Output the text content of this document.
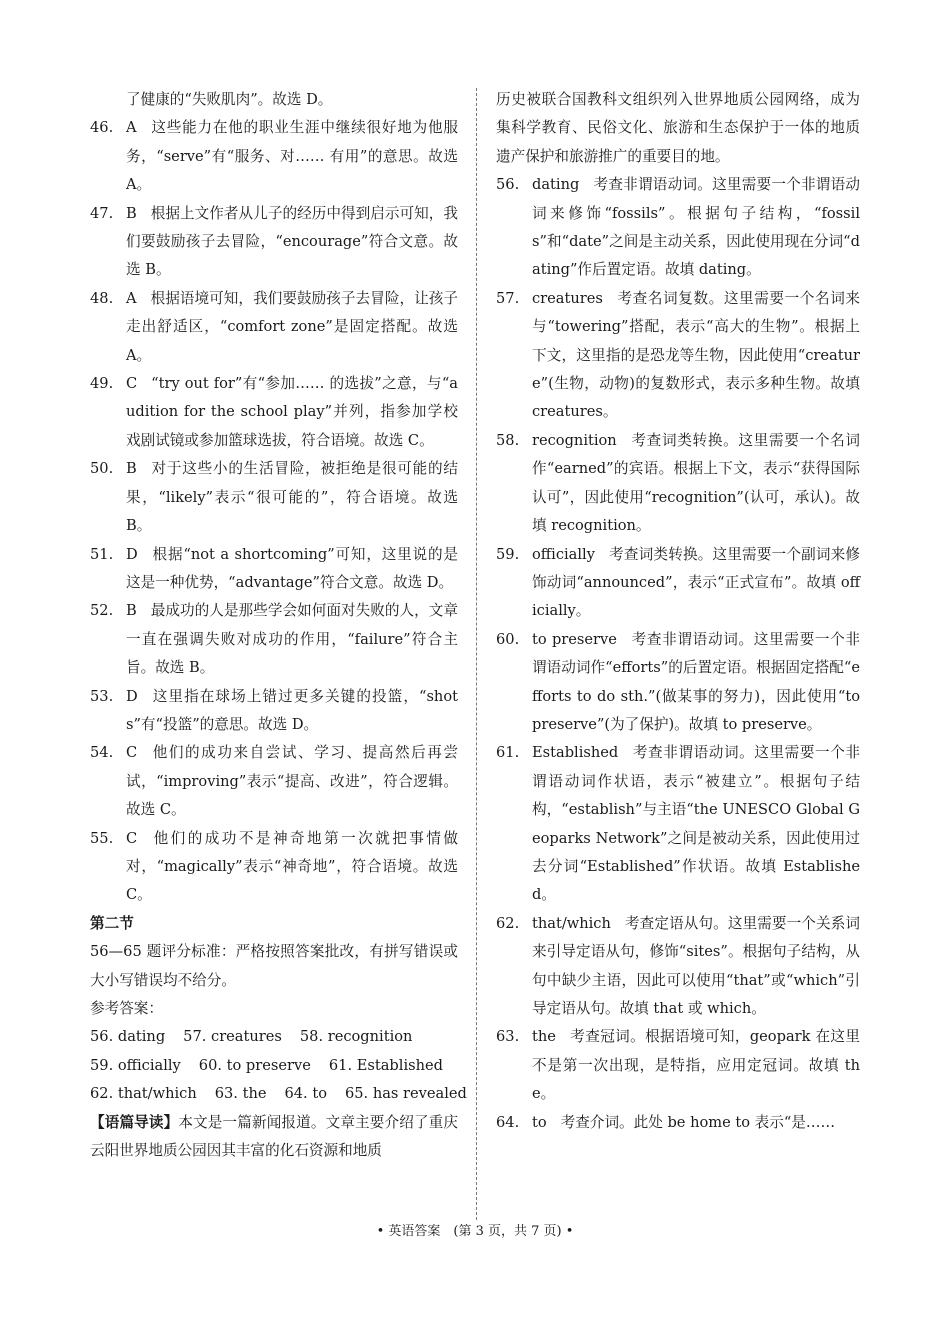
了健康的“失败肌肉”。故选 D。

46. A 这些能力在他的职业生涯中继续很好地为他服务，“serve”有“服务、对…… 有用”的意思。故选 A。
47. B 根据上文作者从儿子的经历中得到启示可知，我们要鼓励孩子去冒险，“encourage”符合文意。故选 B。
48. A 根据语境可知，我们要鼓励孩子去冒险，让孩子走出舒适区，“comfort zone”是固定搭配。故选 A。
49. C “try out for”有“参加…… 的选拔”之意，与“audition for the school play”并列，指参加学校戏剧试镜或参加篮球选拔，符合语境。故选 C。
50. B 对于这些小的生活冒险，被拒绝是很可能的结果，“likely”表示“很可能的”，符合语境。故选 B。
51. D 根据“not a shortcoming”可知，这里说的是这是一种优势，“advantage”符合文意。故选 D。
52. B 最成功的人是那些学会如何面对失败的人，文章一直在强调失败对成功的作用，“failure”符合主旨。故选 B。
53. D 这里指在球场上错过更多关键的投篮，“shots”有“投篮”的意思。故选 D。
54. C 他们的成功来自尝试、学习、提高然后再尝试，“improving”表示“提高、改进”，符合逻辑。故选 C。
55. C 他们的成功不是神奇地第一次就把事情做对，“magically”表示“神奇地”，符合语境。故选 C。

第二节

56—65 题评分标准：严格按照答案批改，有拼写错误或大小写错误均不给分。

参考答案：

56. dating 57. creatures 58. recognition
59. officially 60. to preserve 61. Established
62. that/which 63. the 64. to 65. has revealed

【语篇导读】本文是一篇新闻报道。文章主要介绍了重庆云阳世界地质公园因其丰富的化石资源和地质

历史被联合国教科文组织列入世界地质公园网络，成为集科学教育、民俗文化、旅游和生态保护于一体的地质遗产保护和旅游推广的重要目的地。

56. dating 考查非谓语动词。这里需要一个非谓语动词来修饰“fossils”。根据句子结构，“fossils”和“date”之间是主动关系，因此使用现在分词“dating”作后置定语。故填 dating。
57. creatures 考查名词复数。这里需要一个名词来与“towering”搭配，表示“高大的生物”。根据上下文，这里指的是恐龙等生物，因此使用“creature”(生物，动物)的复数形式，表示多种生物。故填 creatures。
58. recognition 考查词类转换。这里需要一个名词作“earned”的宾语。根据上下文，表示“获得国际认可”，因此使用“recognition”(认可，承认)。故填 recognition。
59. officially 考查词类转换。这里需要一个副词来修饰动词“announced”，表示“正式宣布”。故填 officially。
60. to preserve 考查非谓语动词。这里需要一个非谓语动词作“efforts”的后置定语。根据固定搭配“efforts to do sth.”(做某事的努力)，因此使用“to preserve”(为了保护)。故填 to preserve。
61. Established 考查非谓语动词。这里需要一个非谓语动词作状语，表示“被建立”。根据句子结构，“establish”与主语“the UNESCO Global Geoparks Network”之间是被动关系，因此使用过去分词“Established”作状语。故填 Established。
62. that/which 考查定语从句。这里需要一个关系词来引导定语从句，修饰“sites”。根据句子结构，从句中缺少主语，因此可以使用“that”或“which”引导定语从句。故填 that 或 which。
63. the 考查冠词。根据语境可知，geopark 在这里不是第一次出现，是特指，应用定冠词。故填 the。
64. to 考查介词。此处 be home to 表示“是……
• 英语答案　(第 3 页，共 7 页) •
